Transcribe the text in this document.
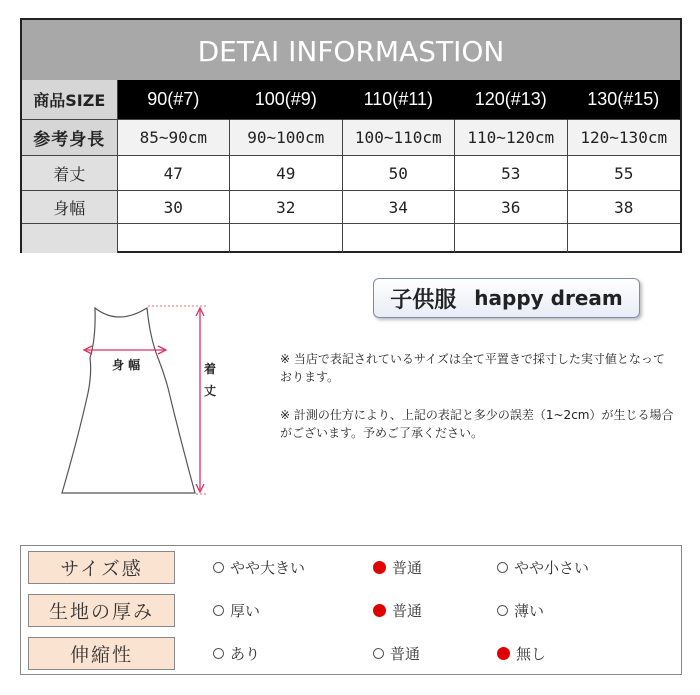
DETAI INFORMASTION
商品SIZE	90(#7)	100(#9)	110(#11)	120(#13)	130(#15)
参考身長	85~90cm	90~100cm	100~110cm	110~120cm	120~130cm
着丈	47	49	50	53	55
身幅	30	32	34	36	38
子供服 happy dream
身 幅	着
丈
※ 当店で表記されているサイズは全て平置きで採寸した実寸値となっております。
※ 計測の仕方により、上記の表記と多少の誤差（1~2cm）が生じる場合がございます。予めご了承ください。
サイズ感	やや大きい	普通	やや小さい
生地の厚み	厚い	普通	薄い
伸縮性	あり	普通	無し
